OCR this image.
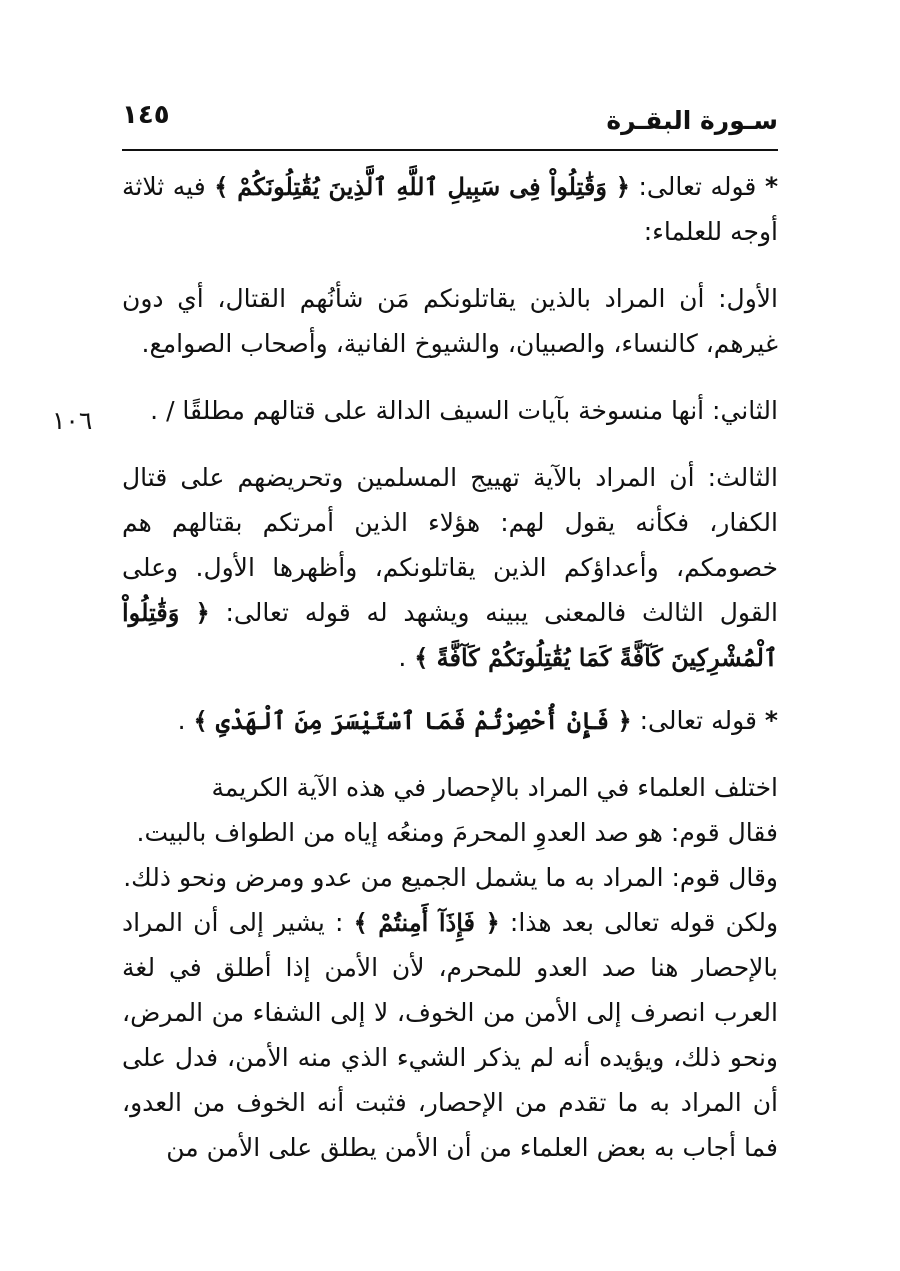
سـورة البقـرة
١٤٥
١٠٦

* قوله تعالى: ﴿ وَقَٰتِلُواْ فِى سَبِيلِ ٱللَّهِ ٱلَّذِينَ يُقَٰتِلُونَكُمْ ﴾ فيه ثلاثة أوجه للعلماء:

الأول: أن المراد بالذين يقاتلونكم مَن شأنُهم القتال، أي دون غيرهم، كالنساء، والصبيان، والشيوخ الفانية، وأصحاب الصوامع.

الثاني: أنها منسوخة بآيات السيف الدالة على قتالهم مطلقًا / .

الثالث: أن المراد بالآية تهييج المسلمين وتحريضهم على قتال الكفار، فكأنه يقول لهم: هؤلاء الذين أمرتكم بقتالهم هم خصومكم، وأعداؤكم الذين يقاتلونكم، وأظهرها الأول. وعلى القول الثالث فالمعنى يبينه ويشهد له قوله تعالى: ﴿ وَقَٰتِلُواْ ٱلْمُشْرِكِينَ كَآفَّةً كَمَا يُقَٰتِلُونَكُمْ كَآفَّةً ﴾ .

* قوله تعالى: ﴿ فَإِنْ أُحْصِرْتُمْ فَمَا ٱسْتَيْسَرَ مِنَ ٱلْهَدْىِ ﴾ .

اختلف العلماء في المراد بالإحصار في هذه الآية الكريمة

فقال قوم: هو صد العدوِ المحرمَ ومنعُه إياه من الطواف بالبيت.

وقال قوم: المراد به ما يشمل الجميع من عدو ومرض ونحو ذلك.

ولكن قوله تعالى بعد هذا: ﴿ فَإِذَآ أَمِنتُمْ ﴾ : يشير إلى أن المراد بالإحصار هنا صد العدو للمحرم، لأن الأمن إذا أطلق في لغة العرب انصرف إلى الأمن من الخوف، لا إلى الشفاء من المرض، ونحو ذلك، ويؤيده أنه لم يذكر الشيء الذي منه الأمن، فدل على أن المراد به ما تقدم من الإحصار، فثبت أنه الخوف من العدو، فما أجاب به بعض العلماء من أن الأمن يطلق على الأمن من
